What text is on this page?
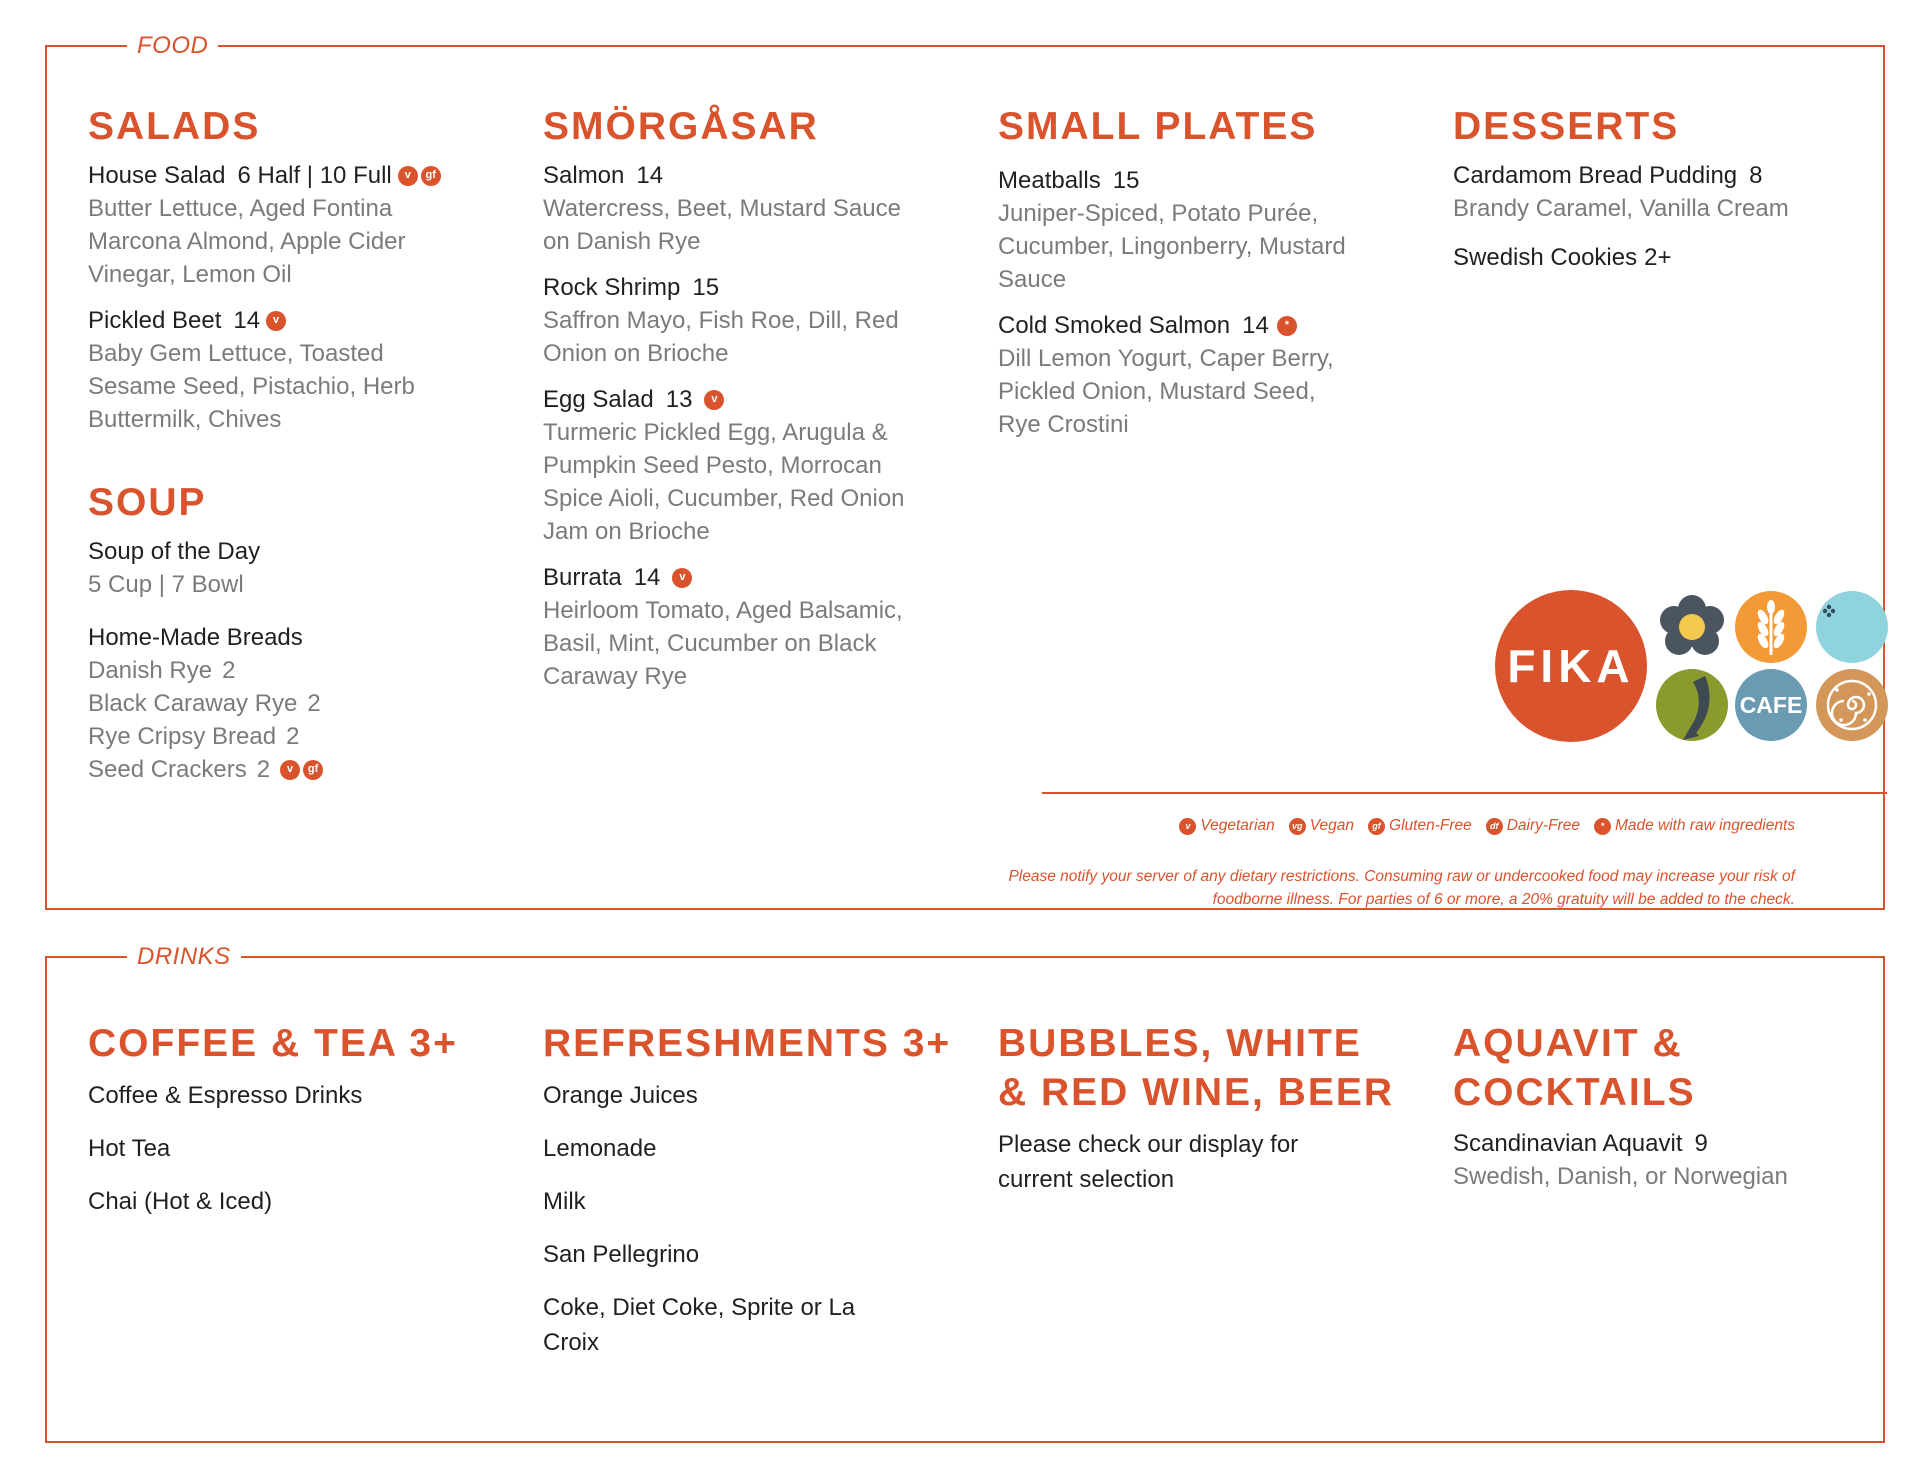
FOOD
SALADS
House Salad 6 Half | 10 Full	v	gf
Butter Lettuce, Aged Fontina Marcona Almond, Apple Cider Vinegar, Lemon Oil
Pickled Beet 14	v
Baby Gem Lettuce, Toasted Sesame Seed, Pistachio, Herb Buttermilk, Chives
SOUP
Soup of the Day
5 Cup | 7 Bowl
Home-Made Breads
Danish Rye 2
Black Caraway Rye 2
Rye Cripsy Bread 2
Seed Crackers 2	v	gf
SMÖRGÅSAR
Salmon 14
Watercress, Beet, Mustard Sauce on Danish Rye
Rock Shrimp 15
Saffron Mayo, Fish Roe, Dill, Red Onion on Brioche
Egg Salad 13	v
Turmeric Pickled Egg, Arugula & Pumpkin Seed Pesto, Morrocan Spice Aioli, Cucumber, Red Onion Jam on Brioche
Burrata 14	v
Heirloom Tomato, Aged Balsamic, Basil, Mint, Cucumber on Black Caraway Rye
SMALL PLATES
Meatballs 15
Juniper-Spiced, Potato Purée, Cucumber, Lingonberry, Mustard Sauce
Cold Smoked Salmon 14	*
Dill Lemon Yogurt, Caper Berry, Pickled Onion, Mustard Seed, Rye Crostini
DESSERTS
Cardamom Bread Pudding 8
Brandy Caramel, Vanilla Cream
Swedish Cookies 2+
FIKA
CAFE
v Vegetarian	vg Vegan	gf Gluten-Free	df Dairy-Free	* Made with raw ingredients
Please notify your server of any dietary restrictions. Consuming raw or undercooked food may increase your risk of
foodborne illness. For parties of 6 or more, a 20% gratuity will be added to the check.
DRINKS
COFFEE & TEA 3+
Coffee & Espresso Drinks
Hot Tea
Chai (Hot & Iced)
REFRESHMENTS 3+
Orange Juices
Lemonade
Milk
San Pellegrino
Coke, Diet Coke, Sprite or La Croix
BUBBLES, WHITE
& RED WINE, BEER
Please check our display for current selection
AQUAVIT &
COCKTAILS
Scandinavian Aquavit 9
Swedish, Danish, or Norwegian
